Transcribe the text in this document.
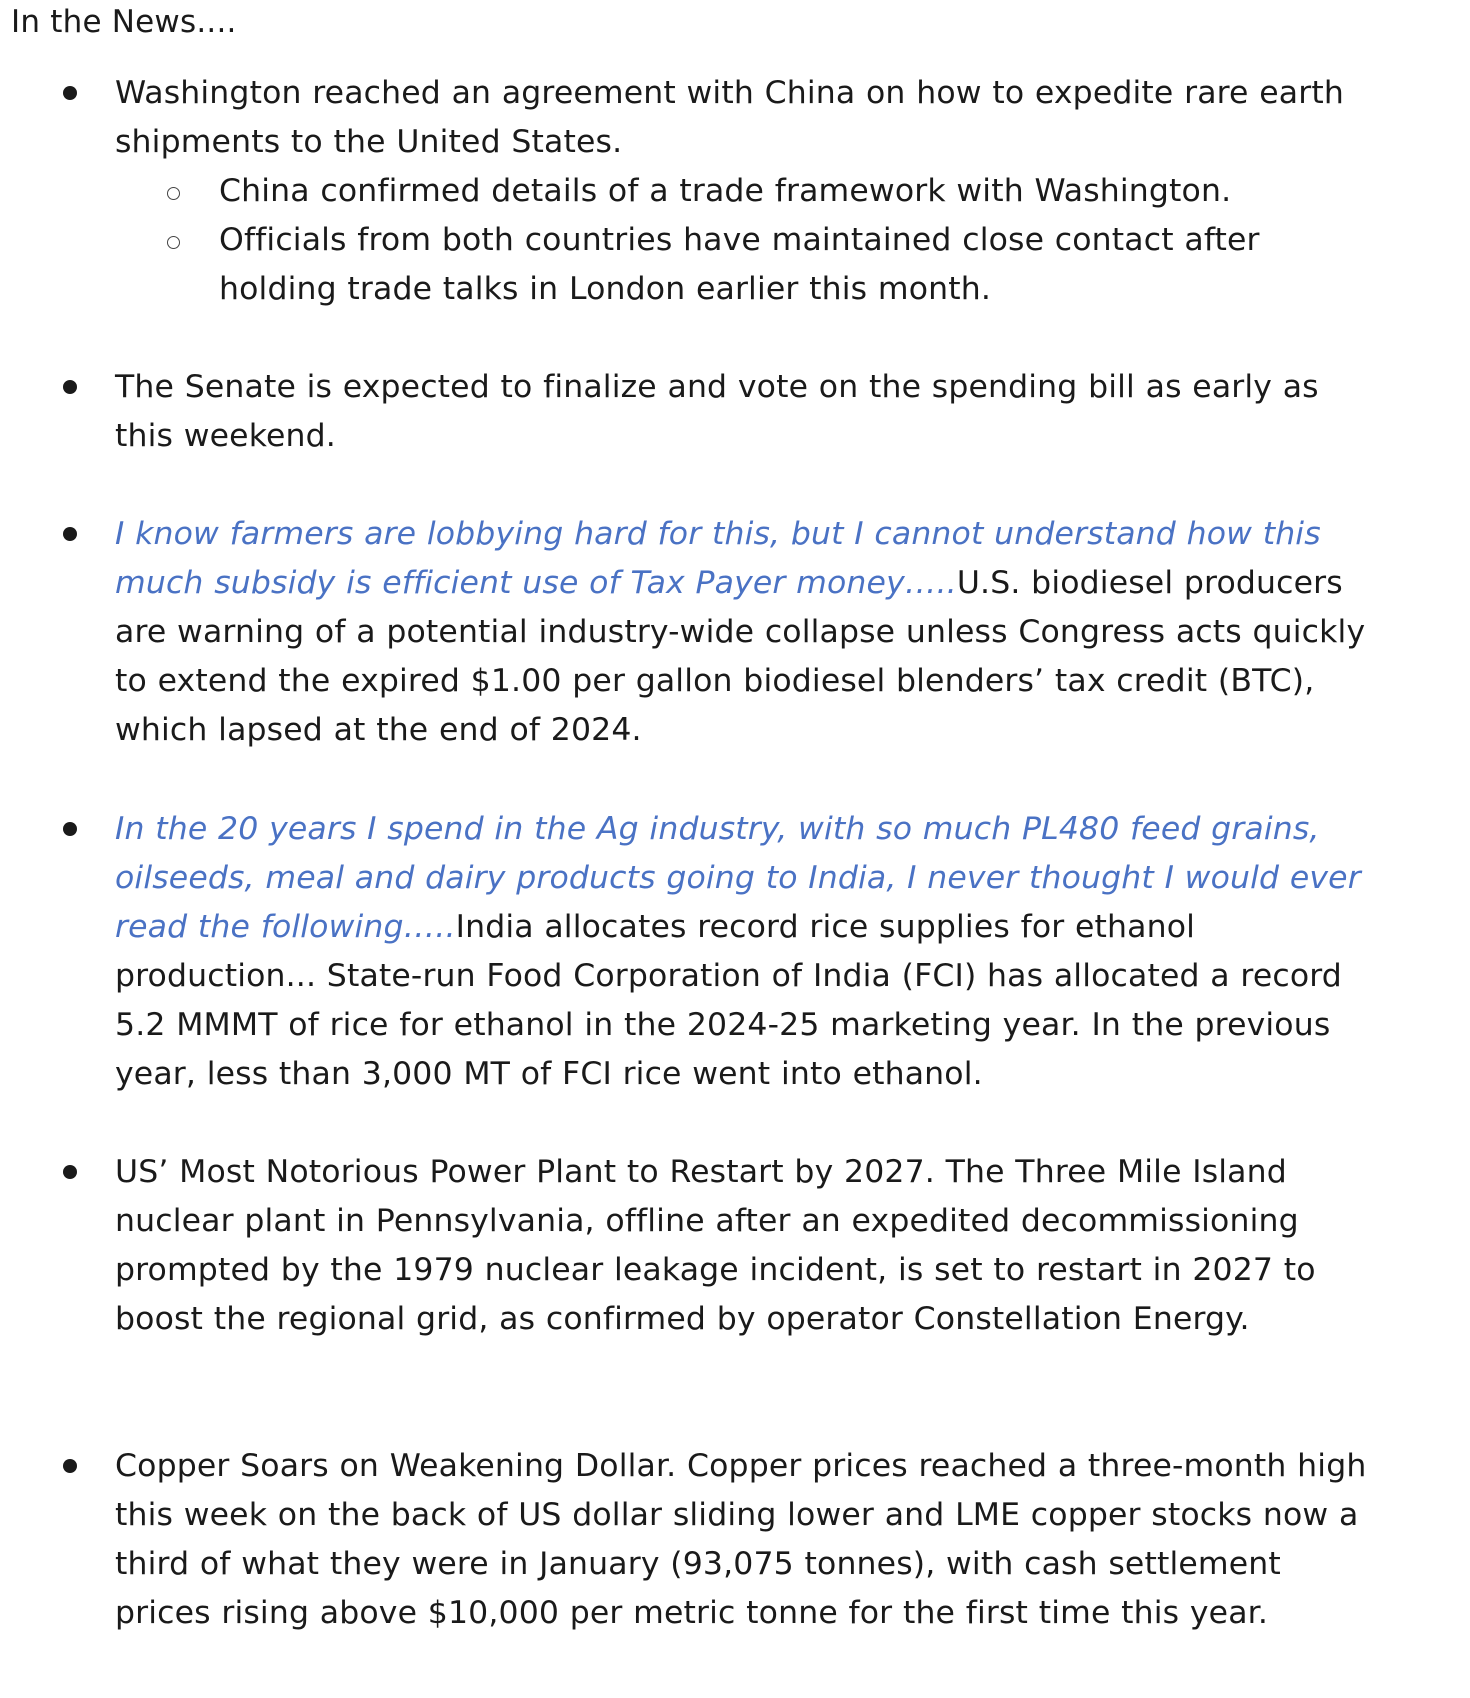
In the News....
Washington reached an agreement with China on how to expedite rare earth shipments to the United States.
China confirmed details of a trade framework with Washington.
Officials from both countries have maintained close contact after holding trade talks in London earlier this month.
The Senate is expected to finalize and vote on the spending bill as early as this weekend.
I know farmers are lobbying hard for this, but I cannot understand how this much subsidy is efficient use of Tax Payer money…..U.S. biodiesel producers are warning of a potential industry-wide collapse unless Congress acts quickly to extend the expired $1.00 per gallon biodiesel blenders’ tax credit (BTC), which lapsed at the end of 2024.
In the 20 years I spend in the Ag industry, with so much PL480 feed grains, oilseeds, meal and dairy products going to India, I never thought I would ever read the following…..India allocates record rice supplies for ethanol production... State-run Food Corporation of India (FCI) has allocated a record 5.2 MMMT of rice for ethanol in the 2024-25 marketing year. In the previous year, less than 3,000 MT of FCI rice went into ethanol.
US’ Most Notorious Power Plant to Restart by 2027. The Three Mile Island nuclear plant in Pennsylvania, offline after an expedited decommissioning prompted by the 1979 nuclear leakage incident, is set to restart in 2027 to boost the regional grid, as confirmed by operator Constellation Energy.
Copper Soars on Weakening Dollar. Copper prices reached a three-month high this week on the back of US dollar sliding lower and LME copper stocks now a third of what they were in January (93,075 tonnes), with cash settlement prices rising above $10,000 per metric tonne for the first time this year.
